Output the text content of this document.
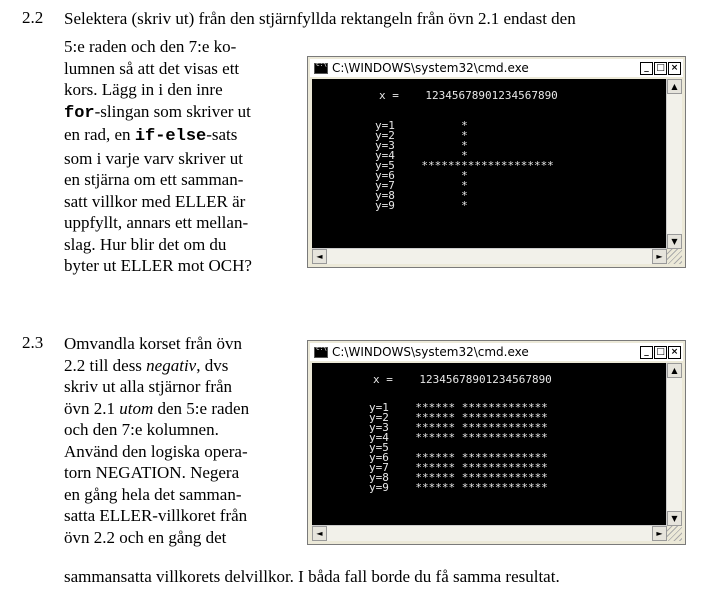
2.2 Selektera (skriv ut) från den stjärnfyllda rektangeln från övn 2.1 endast den
5:e raden och den 7:e ko-
lumnen så att det visas ett
kors. Lägg in i den inre
for-slingan som skriver ut
en rad, en if-else-sats
som i varje varv skriver ut
en stjärna om ett samman-
satt villkor med ELLER är
uppfyllt, annars ett mellan-
slag. Hur blir det om du
byter ut ELLER mot OCH?
c:\
C:\WINDOWS\system32\cmd.exe	_ □ ×
x =    12345678901234567890
y=1          *
y=2          *
y=3          *
y=4          *
y=5    ********************
y=6          *
y=7          *
y=8          *
y=9          *
▲
▼
◄	►
2.3 Omvandla korset från övn
2.2 till dess negativ, dvs
skriv ut alla stjärnor från
övn 2.1 utom den 5:e raden
och den 7:e kolumnen.
Använd den logiska opera-
torn NEGATION. Negera
en gång hela det samman-
satta ELLER-villkoret från
övn 2.2 och en gång det
sammansatta villkorets delvillkor. I båda fall borde du få samma resultat.
c:\
C:\WINDOWS\system32\cmd.exe	_ □ ×
x =    12345678901234567890
y=1    ****** *************
y=2    ****** *************
y=3    ****** *************
y=4    ****** *************
y=5
y=6    ****** *************
y=7    ****** *************
y=8    ****** *************
y=9    ****** *************
▲
▼
◄	►
